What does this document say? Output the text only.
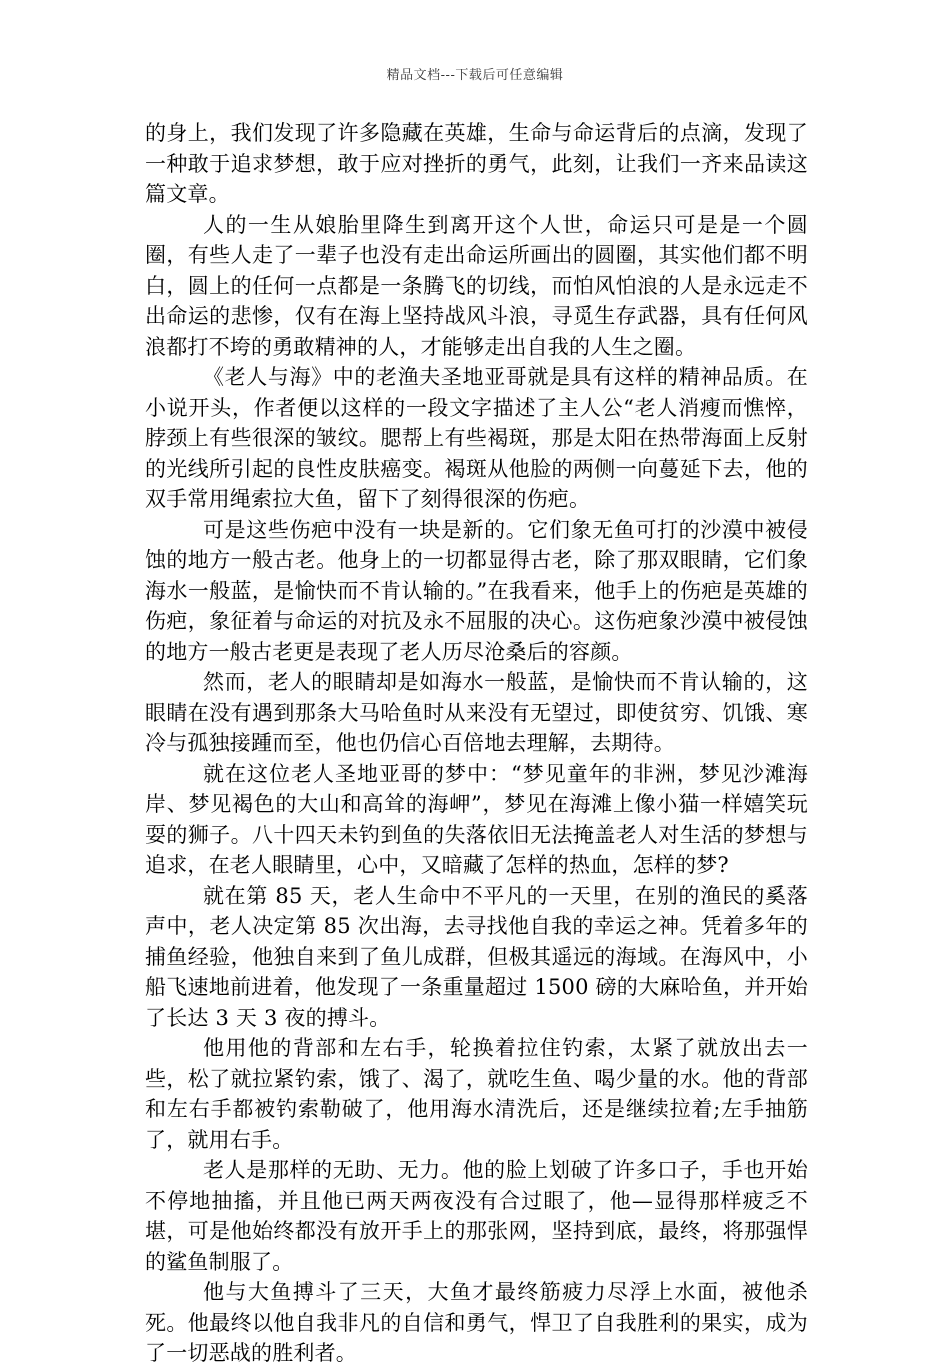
精品文档---下载后可任意编辑

的身上，我们发现了许多隐藏在英雄，生命与命运背后的点滴，发现了一种敢于追求梦想，敢于应对挫折的勇气，此刻，让我们一齐来品读这篇文章。

人的一生从娘胎里降生到离开这个人世，命运只可是是一个圆圈，有些人走了一辈子也没有走出命运所画出的圆圈，其实他们都不明白，圆上的任何一点都是一条腾飞的切线，而怕风怕浪的人是永远走不出命运的悲惨，仅有在海上坚持战风斗浪，寻觅生存武器，具有任何风浪都打不垮的勇敢精神的人，才能够走出自我的人生之圈。

《老人与海》中的老渔夫圣地亚哥就是具有这样的精神品质。在小说开头，作者便以这样的一段文字描述了主人公“老人消瘦而憔悴，脖颈上有些很深的皱纹。腮帮上有些褐斑，那是太阳在热带海面上反射的光线所引起的良性皮肤癌变。褐斑从他脸的两侧一向蔓延下去，他的双手常用绳索拉大鱼，留下了刻得很深的伤疤。

可是这些伤疤中没有一块是新的。它们象无鱼可打的沙漠中被侵蚀的地方一般古老。他身上的一切都显得古老，除了那双眼睛，它们象海水一般蓝，是愉快而不肯认输的。”在我看来，他手上的伤疤是英雄的伤疤，象征着与命运的对抗及永不屈服的决心。这伤疤象沙漠中被侵蚀的地方一般古老更是表现了老人历尽沧桑后的容颜。

然而，老人的眼睛却是如海水一般蓝，是愉快而不肯认输的，这眼睛在没有遇到那条大马哈鱼时从来没有无望过，即使贫穷、饥饿、寒冷与孤独接踵而至，他也仍信心百倍地去理解，去期待。

就在这位老人圣地亚哥的梦中：“梦见童年的非洲，梦见沙滩海岸、梦见褐色的大山和高耸的海岬”，梦见在海滩上像小猫一样嬉笑玩耍的狮子。八十四天未钓到鱼的失落依旧无法掩盖老人对生活的梦想与追求，在老人眼睛里，心中，又暗藏了怎样的热血，怎样的梦?

就在第 85 天，老人生命中不平凡的一天里，在别的渔民的奚落声中，老人决定第 85 次出海，去寻找他自我的幸运之神。凭着多年的捕鱼经验，他独自来到了鱼儿成群，但极其遥远的海域。在海风中，小船飞速地前进着，他发现了一条重量超过 1500 磅的大麻哈鱼，并开始了长达 3 天 3 夜的搏斗。

他用他的背部和左右手，轮换着拉住钓索，太紧了就放出去一些，松了就拉紧钓索，饿了、渴了，就吃生鱼、喝少量的水。他的背部和左右手都被钓索勒破了，他用海水清洗后，还是继续拉着;左手抽筋了，就用右手。

老人是那样的无助、无力。他的脸上划破了许多口子，手也开始不停地抽搐，并且他已两天两夜没有合过眼了，他—显得那样疲乏不堪，可是他始终都没有放开手上的那张网，坚持到底，最终，将那强悍的鲨鱼制服了。

他与大鱼搏斗了三天，大鱼才最终筋疲力尽浮上水面，被他杀死。他最终以他自我非凡的自信和勇气，悍卫了自我胜利的果实，成为了一切恶战的胜利者。
